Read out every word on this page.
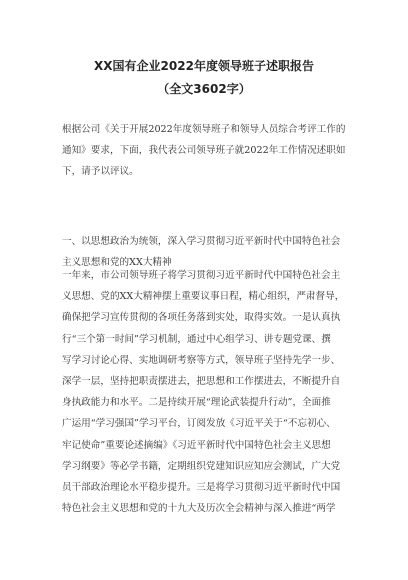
XX国有企业2022年度领导班子述职报告
（全文3602字）
根据公司《关于开展2022年度领导班子和领导人员综合考评工作的
通知》要求，下面，我代表公司领导班子就2022年工作情况述职如
下，请予以评议。
一、以思想政治为统领，深入学习贯彻习近平新时代中国特色社会
主义思想和党的XX大精神
一年来，市公司领导班子将学习贯彻习近平新时代中国特色社会主
义思想、党的XX大精神摆上重要议事日程，精心组织，严肃督导，
确保把学习宣传贯彻的各项任务落到实处，取得实效。一是认真执
行“三个第一时间”学习机制，通过中心组学习、讲专题党课、撰
写学习讨论心得、实地调研考察等方式，领导班子坚持先学一步、
深学一层，坚持把职责摆进去，把思想和工作摆进去，不断提升自
身执政能力和水平。二是持续开展“理论武装提升行动”，全面推
广运用“学习强国”学习平台，订阅发放《习近平关于“不忘初心、
牢记使命”重要论述摘编》《习近平新时代中国特色社会主义思想
学习纲要》等必学书籍，定期组织党建知识应知应会测试，广大党
员干部政治理论水平稳步提升。三是将学习贯彻习近平新时代中国
特色社会主义思想和党的十九大及历次全会精神与深入推进“两学
